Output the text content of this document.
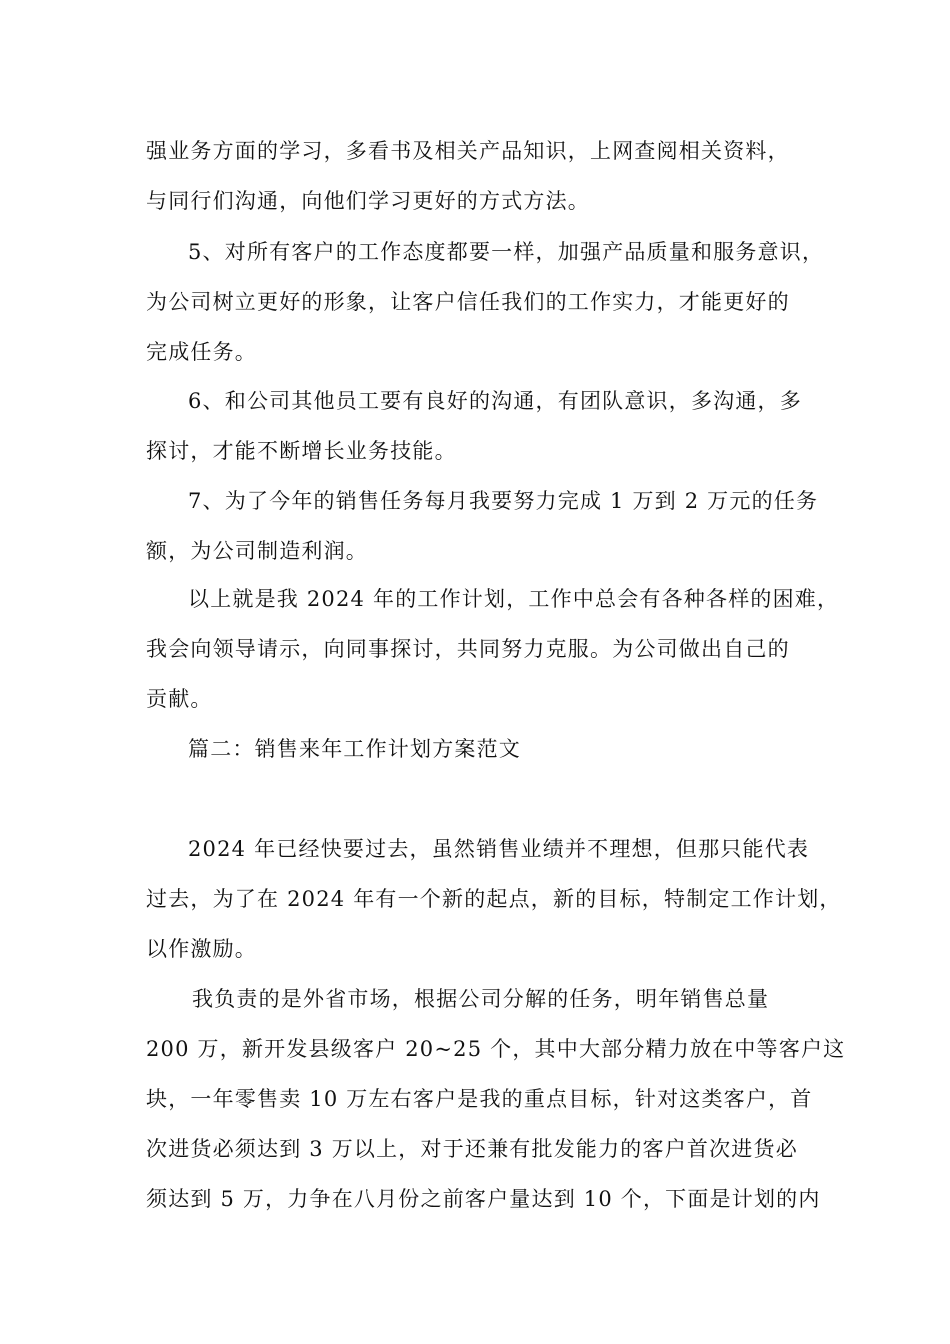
强业务方面的学习，多看书及相关产品知识，上网查阅相关资料，
与同行们沟通，向他们学习更好的方式方法。
5、对所有客户的工作态度都要一样，加强产品质量和服务意识，
为公司树立更好的形象，让客户信任我们的工作实力，才能更好的
完成任务。
6、和公司其他员工要有良好的沟通，有团队意识，多沟通，多
探讨，才能不断增长业务技能。
7、为了今年的销售任务每月我要努力完成 1 万到 2 万元的任务
额，为公司制造利润。
以上就是我 2024 年的工作计划，工作中总会有各种各样的困难，
我会向领导请示，向同事探讨，共同努力克服。为公司做出自己的
贡献。
篇二：销售来年工作计划方案范文
2024 年已经快要过去，虽然销售业绩并不理想，但那只能代表
过去，为了在 2024 年有一个新的起点，新的目标，特制定工作计划，
以作激励。
我负责的是外省市场，根据公司分解的任务，明年销售总量
200 万，新开发县级客户 20~25 个，其中大部分精力放在中等客户这
块，一年零售卖 10 万左右客户是我的重点目标，针对这类客户，首
次进货必须达到 3 万以上，对于还兼有批发能力的客户首次进货必
须达到 5 万，力争在八月份之前客户量达到 10 个，下面是计划的内
